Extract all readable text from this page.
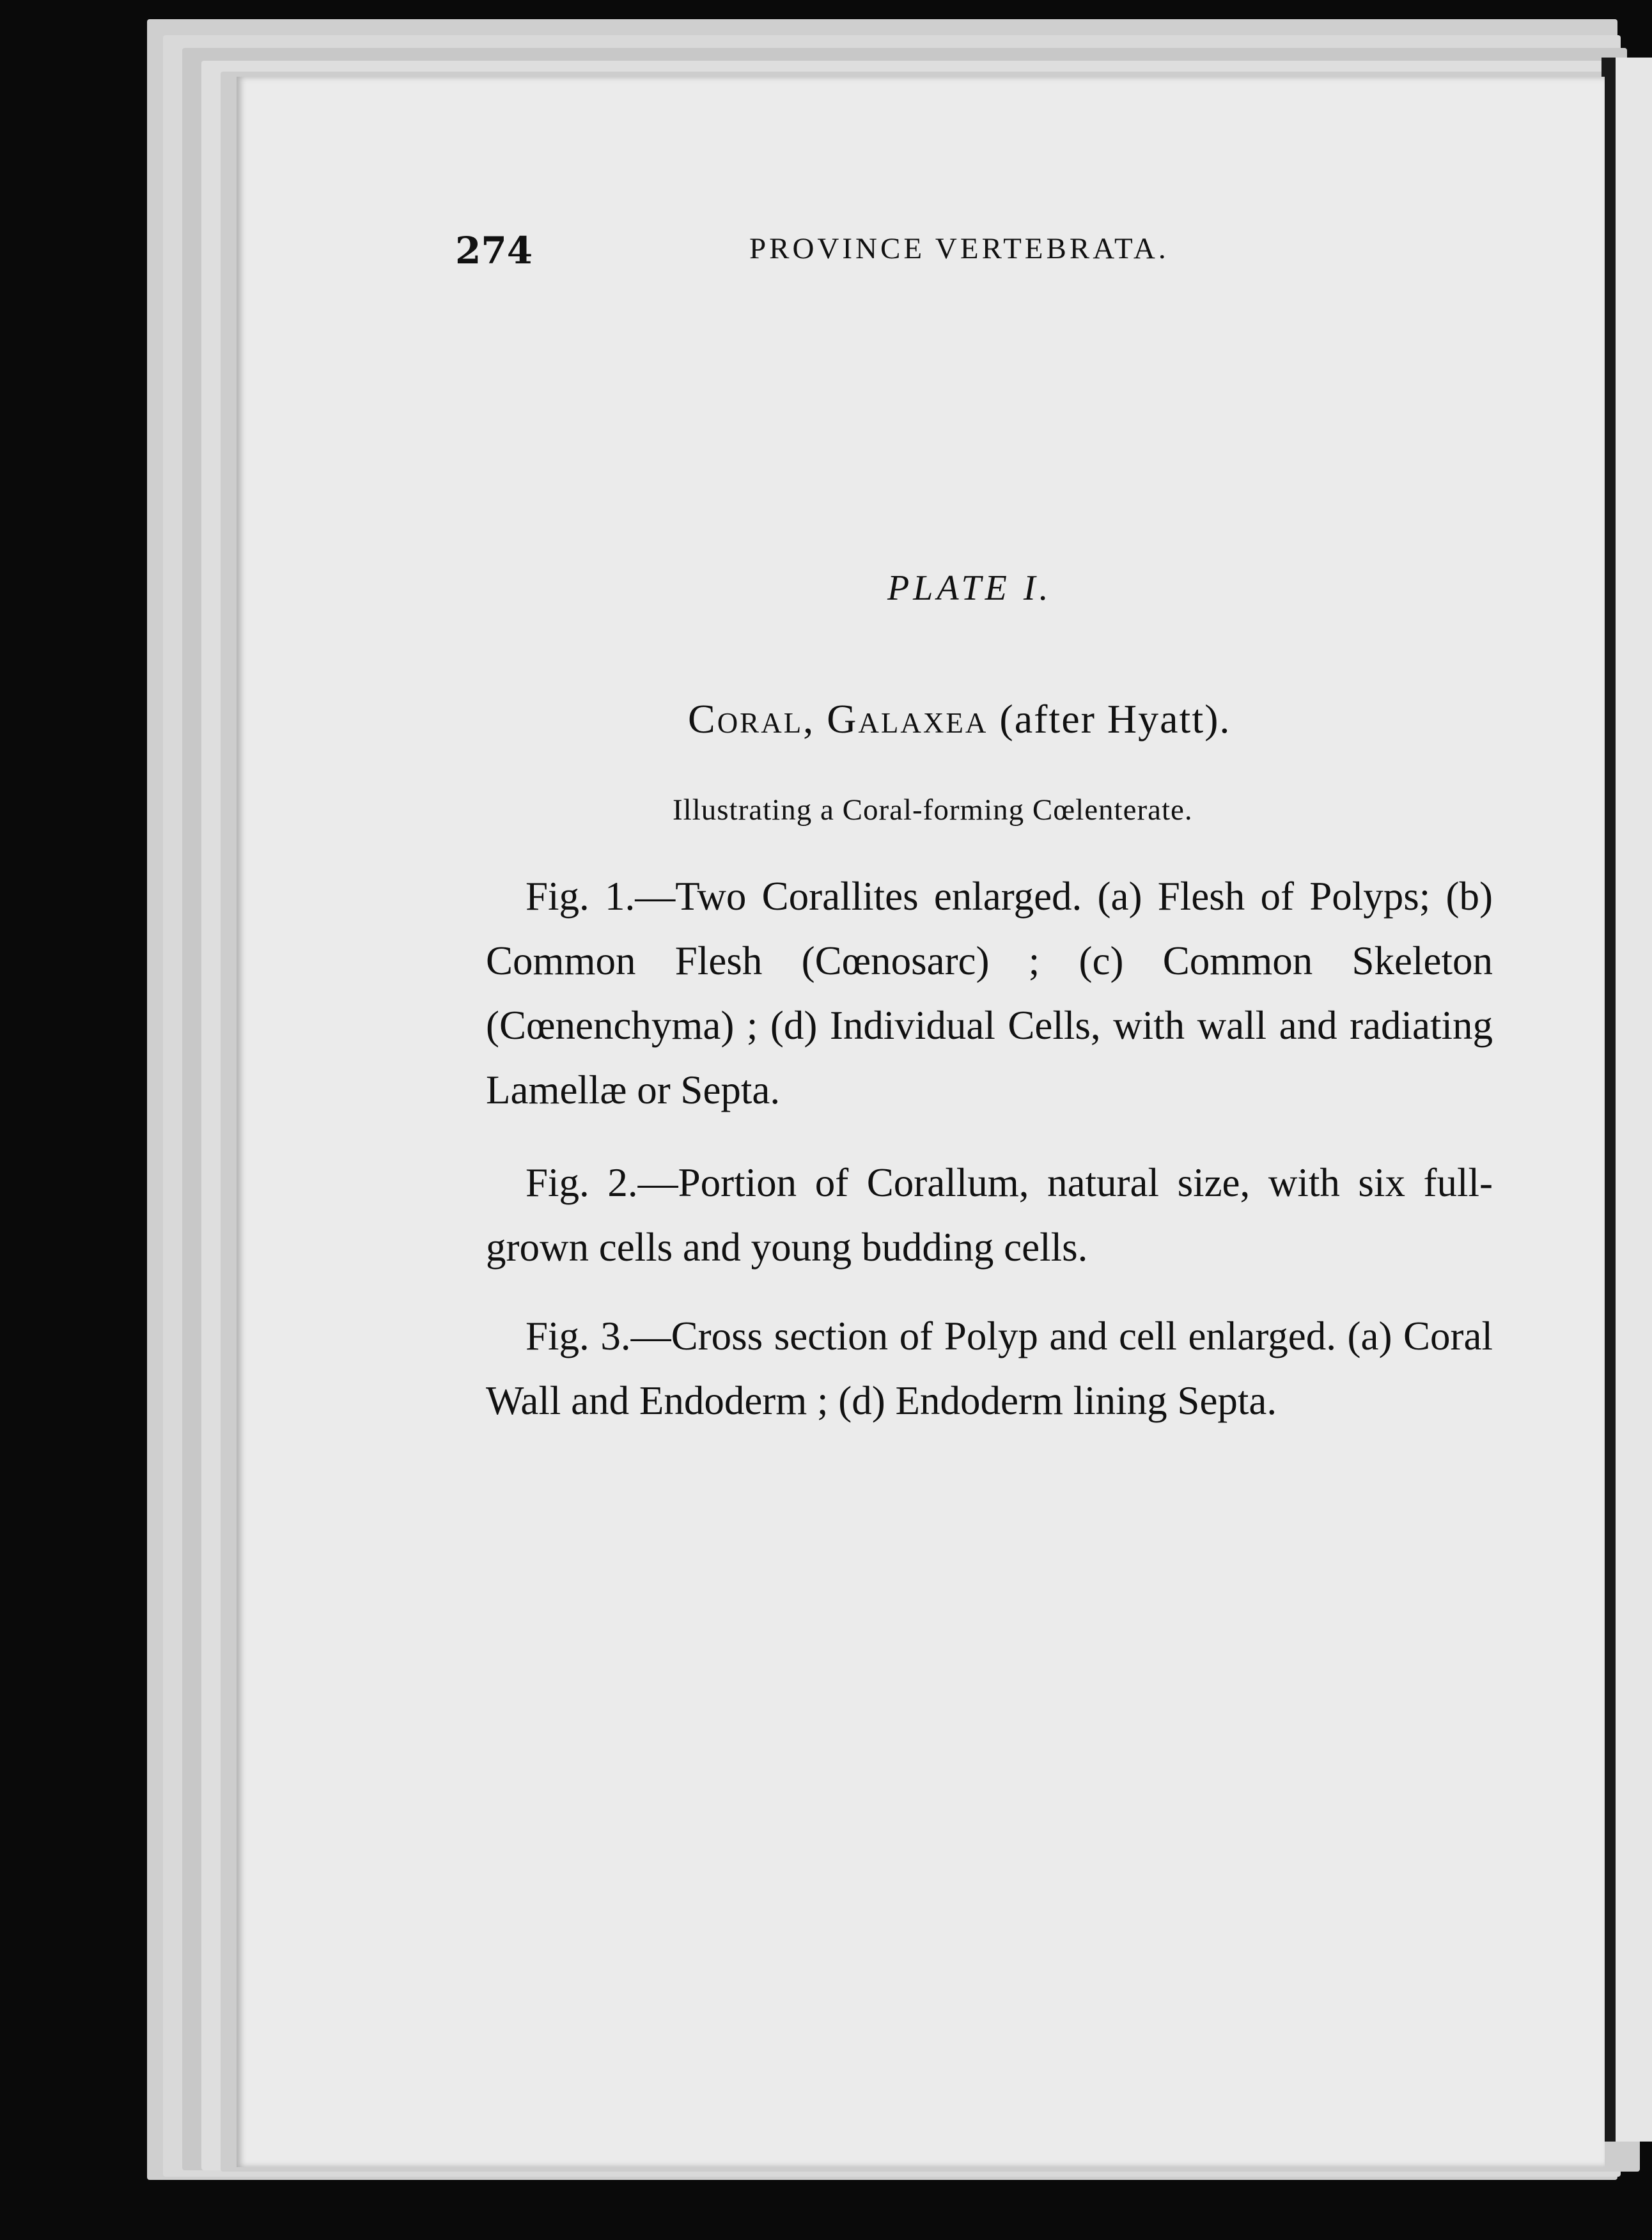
274	PROVINCE VERTEBRATA.
PLATE I.
Coral, Galaxea (after Hyatt).
Illustrating a Coral-forming Cœlenterate.
Fig. 1.—Two Corallites enlarged. (a) Flesh of Polyps; (b) Common Flesh (Cœnosarc) ; (c) Common Skeleton (Cœnenchyma) ; (d) Individual Cells, with wall and radiating Lamellæ or Septa.
Fig. 2.—Portion of Corallum, natural size, with six full-grown cells and young budding cells.
Fig. 3.—Cross section of Polyp and cell enlarged. (a) Coral Wall and Endoderm ; (d) Endoderm lining Septa.
